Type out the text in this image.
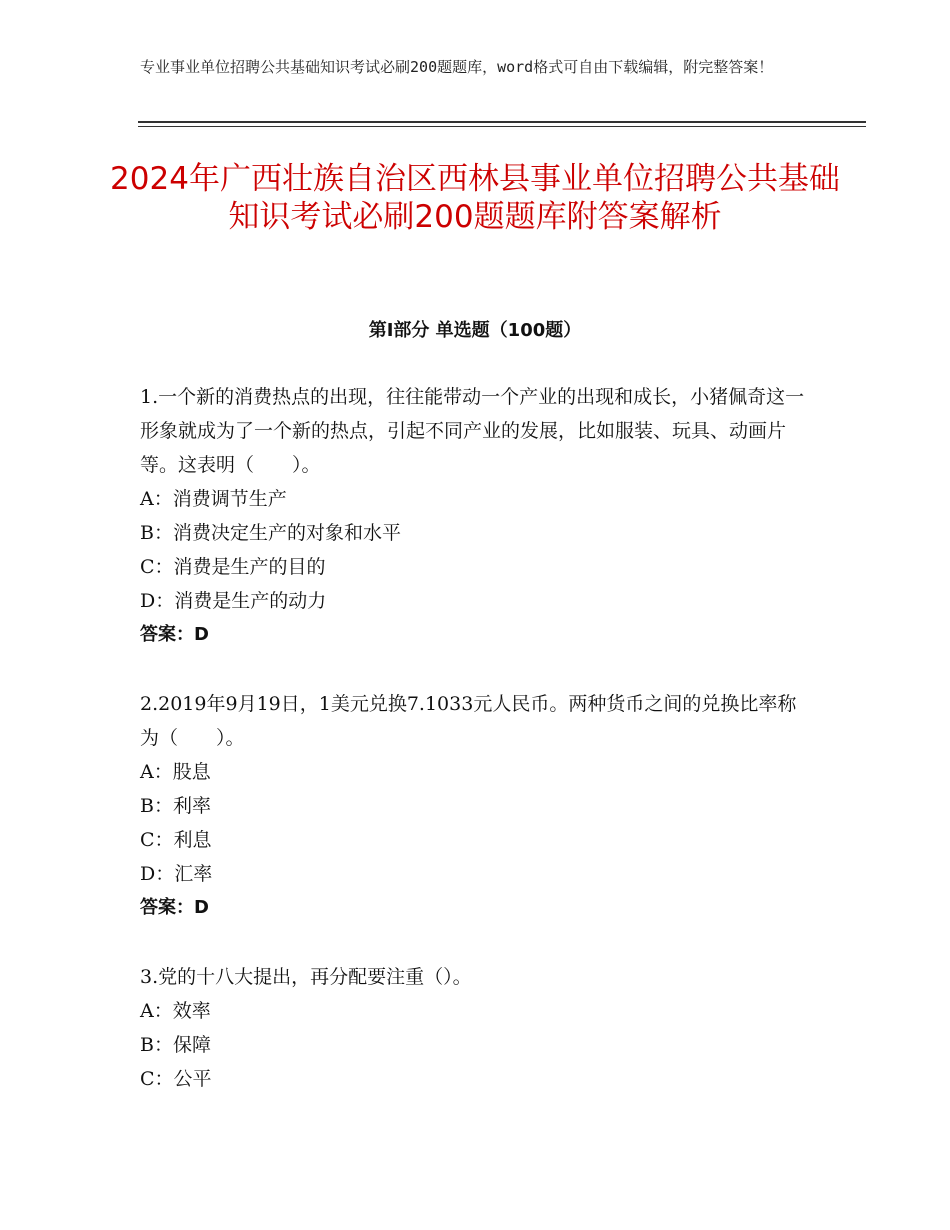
专业事业单位招聘公共基础知识考试必刷200题题库，word格式可自由下载编辑，附完整答案！
2024年广西壮族自治区西林县事业单位招聘公共基础知识考试必刷200题题库附答案解析
第Ⅰ部分 单选题（100题）

1.一个新的消费热点的出现，往往能带动一个产业的出现和成长，小猪佩奇这一形象就成为了一个新的热点，引起不同产业的发展，比如服装、玩具、动画片等。这表明（　　）。

A：消费调节生产

B：消费决定生产的对象和水平

C：消费是生产的目的

D：消费是生产的动力

答案：D

2.2019年9月19日，1美元兑换7.1033元人民币。两种货币之间的兑换比率称为（　　）。

A：股息

B：利率

C：利息

D：汇率

答案：D

3.党的十八大提出，再分配要注重（）。

A：效率

B：保障

C：公平
